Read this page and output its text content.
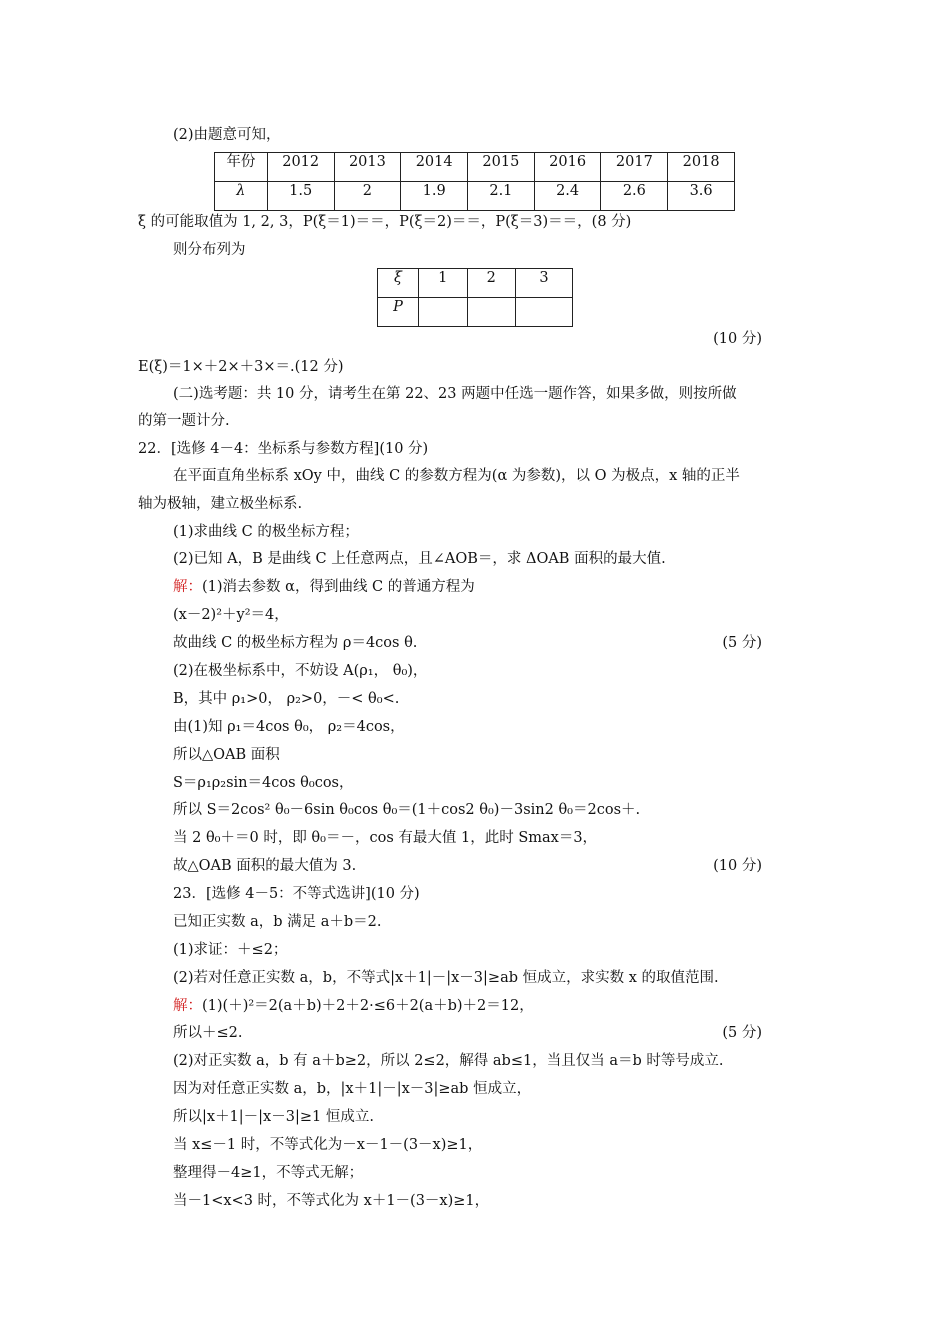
(2)由题意可知，
年份	2012	2013	2014	2015	2016	2017	2018
λ	1.5	2	1.9	2.1	2.4	2.6	3.6
ξ 的可能取值为 1, 2, 3，P(ξ＝1)＝＝，P(ξ＝2)＝＝，P(ξ＝3)＝＝，(8 分)
则分布列为
ξ	1	2	3
P			
(10 分)
E(ξ)＝1×＋2×＋3×＝.(12 分)
(二)选考题：共 10 分，请考生在第 22、23 两题中任选一题作答，如果多做，则按所做
的第一题计分.
22．[选修 4－4：坐标系与参数方程](10 分)
在平面直角坐标系 xOy 中，曲线 C 的参数方程为(α 为参数)，以 O 为极点，x 轴的正半
轴为极轴，建立极坐标系.
(1)求曲线 C 的极坐标方程；
(2)已知 A，B 是曲线 C 上任意两点，且∠AOB＝，求 ΔOAB 面积的最大值.
解：(1)消去参数 α，得到曲线 C 的普通方程为
(x－2)²＋y²＝4，
故曲线 C 的极坐标方程为 ρ＝4cos θ.	(5 分)
(2)在极坐标系中，不妨设 A(ρ₁， θ₀)，
B，其中 ρ₁>0， ρ₂>0，－< θ₀<.
由(1)知 ρ₁＝4cos θ₀， ρ₂＝4cos，
所以△OAB 面积
S＝ρ₁ρ₂sin＝4cos θ₀cos，
所以 S＝2cos² θ₀－6sin θ₀cos θ₀＝(1＋cos2 θ₀)－3sin2 θ₀＝2cos＋.
当 2 θ₀＋＝0 时，即 θ₀＝－，cos 有最大值 1，此时 Smax＝3，
故△OAB 面积的最大值为 3.	(10 分)
23．[选修 4－5：不等式选讲](10 分)
已知正实数 a，b 满足 a＋b＝2.
(1)求证：＋≤2；
(2)若对任意正实数 a，b，不等式|x＋1|－|x－3|≥ab 恒成立，求实数 x 的取值范围.
解：(1)(＋)²＝2(a＋b)＋2＋2·≤6＋2(a＋b)＋2＝12，
所以＋≤2.	(5 分)
(2)对正实数 a，b 有 a＋b≥2，所以 2≤2，解得 ab≤1，当且仅当 a＝b 时等号成立.
因为对任意正实数 a，b，|x＋1|－|x－3|≥ab 恒成立，
所以|x＋1|－|x－3|≥1 恒成立.
当 x≤－1 时，不等式化为－x－1－(3－x)≥1，
整理得－4≥1，不等式无解；
当－1<x<3 时，不等式化为 x＋1－(3－x)≥1，
